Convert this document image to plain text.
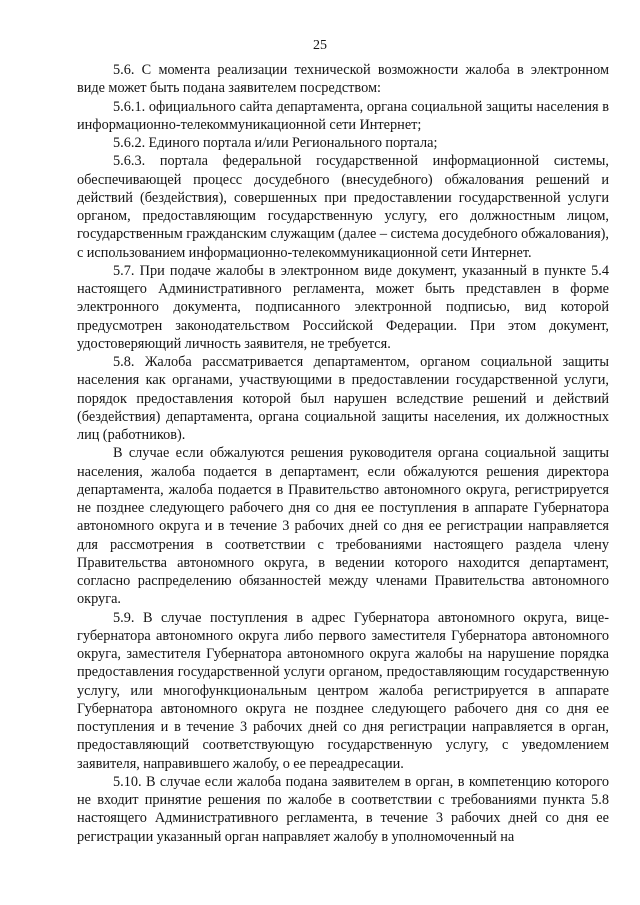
25

5.6. С момента реализации технической возможности жалоба в электронном виде может быть подана заявителем посредством:

5.6.1. официального сайта департамента, органа социальной защиты населения в информационно-телекоммуникационной сети Интернет;

5.6.2. Единого портала и/или Регионального портала;

5.6.3. портала федеральной государственной информационной системы, обеспечивающей процесс досудебного (внесудебного) обжалования решений и действий (бездействия), совершенных при предоставлении государственной услуги органом, предоставляющим государственную услугу, его должностным лицом, государственным гражданским служащим (далее – система досудебного обжалования), с использованием информационно-телекоммуникационной сети Интернет.

5.7. При подаче жалобы в электронном виде документ, указанный в пункте 5.4 настоящего Административного регламента, может быть представлен в форме электронного документа, подписанного электронной подписью, вид которой предусмотрен законодательством Российской Федерации. При этом документ, удостоверяющий личность заявителя, не требуется.

5.8. Жалоба рассматривается департаментом, органом социальной защиты населения как органами, участвующими в предоставлении государственной услуги, порядок предоставления которой был нарушен вследствие решений и действий (бездействия) департамента, органа социальной защиты населения, их должностных лиц (работников).

В случае если обжалуются решения руководителя органа социальной защиты населения, жалоба подается в департамент, если обжалуются решения директора департамента, жалоба подается в Правительство автономного округа, регистрируется не позднее следующего рабочего дня со дня ее поступления в аппарате Губернатора автономного округа и в течение 3 рабочих дней со дня ее регистрации направляется для рассмотрения в соответствии с требованиями настоящего раздела члену Правительства автономного округа, в ведении которого находится департамент, согласно распределению обязанностей между членами Правительства автономного округа.

5.9. В случае поступления в адрес Губернатора автономного округа, вице-губернатора автономного округа либо первого заместителя Губернатора автономного округа, заместителя Губернатора автономного округа жалобы на нарушение порядка предоставления государственной услуги органом, предоставляющим государственную услугу, или многофункциональным центром жалоба регистрируется в аппарате Губернатора автономного округа не позднее следующего рабочего дня со дня ее поступления и в течение 3 рабочих дней со дня регистрации направляется в орган, предоставляющий соответствующую государственную услугу, с уведомлением заявителя, направившего жалобу, о ее переадресации.

5.10. В случае если жалоба подана заявителем в орган, в компетенцию которого не входит принятие решения по жалобе в соответствии с требованиями пункта 5.8 настоящего Административного регламента, в течение 3 рабочих дней со дня ее регистрации указанный орган направляет жалобу в уполномоченный на
